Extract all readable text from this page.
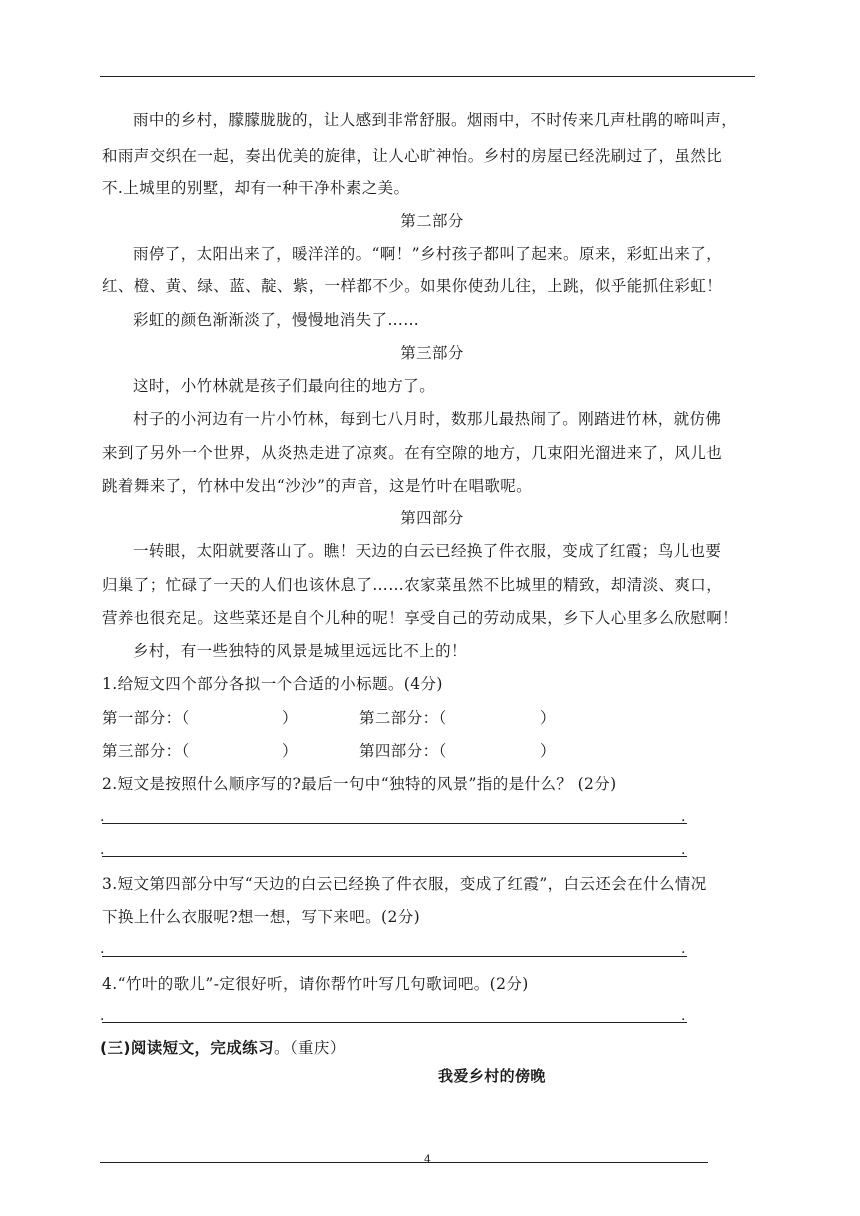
雨中的乡村，朦朦胧胧的，让人感到非常舒服。烟雨中，不时传来几声杜鹃的啼叫声，
和雨声交织在一起，奏出优美的旋律，让人心旷神怡。乡村的房屋已经洗刷过了，虽然比
不.上城里的别墅，却有一种干净朴素之美。
第二部分
雨停了，太阳出来了，暖洋洋的。“啊！”乡村孩子都叫了起来。原来，彩虹出来了，
红、橙、黄、绿、蓝、靛、紫，一样都不少。如果你使劲儿往，上跳，似乎能抓住彩虹！
彩虹的颜色渐渐淡了，慢慢地消失了……
第三部分
这时，小竹林就是孩子们最向往的地方了。
村子的小河边有一片小竹林，每到七八月时，数那儿最热闹了。刚踏进竹林，就仿佛
来到了另外一个世界，从炎热走进了凉爽。在有空隙的地方，几束阳光溜进来了，风儿也
跳着舞来了，竹林中发出“沙沙”的声音，这是竹叶在唱歌呢。
第四部分
一转眼，太阳就要落山了。瞧！天边的白云已经换了件衣服，变成了红霞；鸟儿也要
归巢了；忙碌了一天的人们也该休息了……农家菜虽然不比城里的精致，却清淡、爽口，
营养也很充足。这些菜还是自个儿种的呢！享受自己的劳动成果，乡下人心里多么欣慰啊！
乡村，有一些独特的风景是城里远远比不上的！
1.给短文四个部分各拟一个合适的小标题。(4分)
第一部分：（	）	第二部分：（	）
第三部分：（	）	第四部分：（	）
2.短文是按照什么顺序写的?最后一句中“独特的风景”指的是什么？ (2分)
.	.
.	.
3.短文第四部分中写“天边的白云已经换了件衣服，变成了红霞”，白云还会在什么情况
下换上什么衣服呢?想一想，写下来吧。(2分)
.	.
4.“竹叶的歌儿”-定很好听，请你帮竹叶写几句歌词吧。(2分)
.	.
(三)阅读短文，完成练习。（重庆）
我爱乡村的傍晚
4
